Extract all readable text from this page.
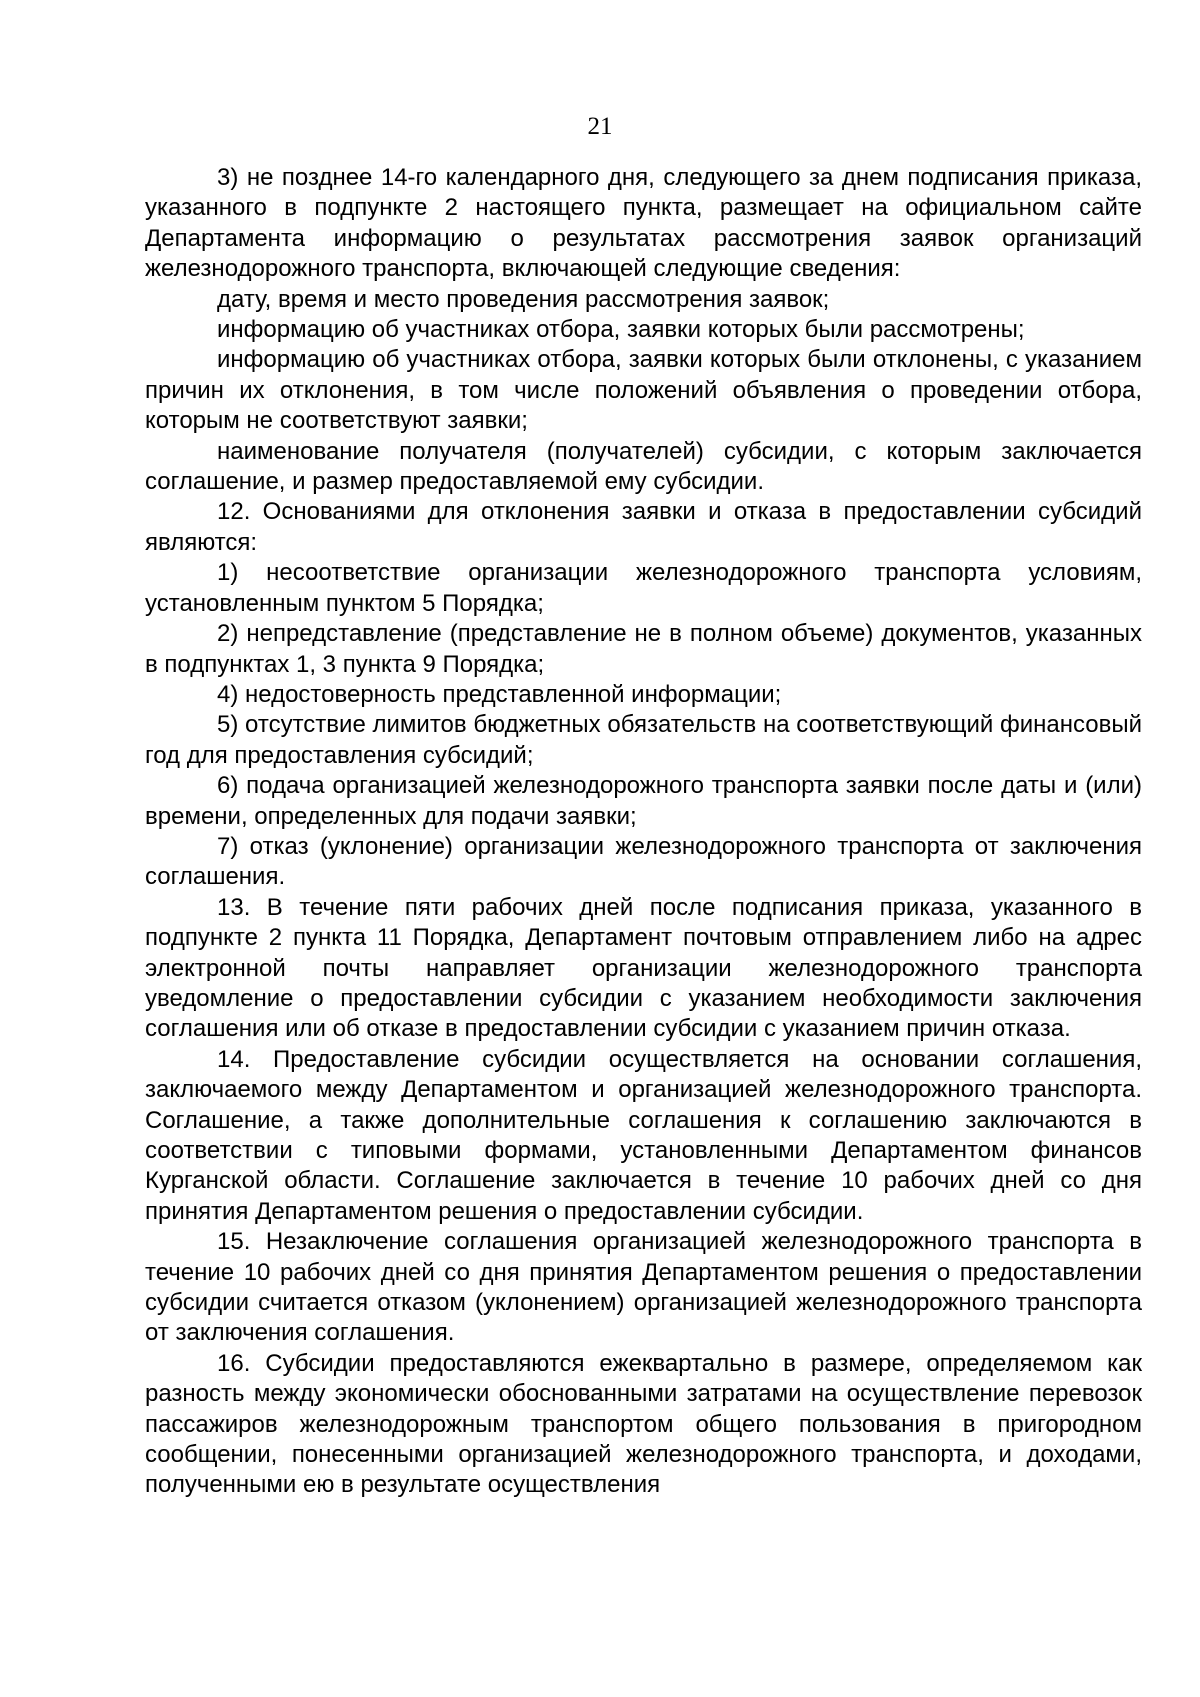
21

3) не позднее 14-го календарного дня, следующего за днем подписания приказа, указанного в подпункте 2 настоящего пункта, размещает на официальном сайте Департамента информацию о результатах рассмотрения заявок организаций железнодорожного транспорта, включающей следующие сведения:

дату, время и место проведения рассмотрения заявок;

информацию об участниках отбора, заявки которых были рассмотрены;

информацию об участниках отбора, заявки которых были отклонены, с указанием причин их отклонения, в том числе положений объявления о проведении отбора, которым не соответствуют заявки;

наименование получателя (получателей) субсидии, с которым заключается соглашение, и размер предоставляемой ему субсидии.

12. Основаниями для отклонения заявки и отказа в предоставлении субсидий являются:

1) несоответствие организации железнодорожного транспорта условиям, установленным пунктом 5 Порядка;

2) непредставление (представление не в полном объеме) документов, указанных в подпунктах 1, 3 пункта 9 Порядка;

4) недостоверность представленной информации;

5) отсутствие лимитов бюджетных обязательств на соответствующий финансовый год для предоставления субсидий;

6) подача организацией железнодорожного транспорта заявки после даты и (или) времени, определенных для подачи заявки;

7) отказ (уклонение) организации железнодорожного транспорта от заключения соглашения.

13. В течение пяти рабочих дней после подписания приказа, указанного в подпункте 2 пункта 11 Порядка, Департамент почтовым отправлением либо на адрес электронной почты направляет организации железнодорожного транспорта уведомление о предоставлении субсидии с указанием необходимости заключения соглашения или об отказе в предоставлении субсидии с указанием причин отказа.

14. Предоставление субсидии осуществляется на основании соглашения, заключаемого между Департаментом и организацией железнодорожного транспорта. Соглашение, а также дополнительные соглашения к соглашению заключаются в соответствии с типовыми формами, установленными Департаментом финансов Курганской области. Соглашение заключается в течение 10 рабочих дней со дня принятия Департаментом решения о предоставлении субсидии.

15. Незаключение соглашения организацией железнодорожного транспорта в течение 10 рабочих дней со дня принятия Департаментом решения о предоставлении субсидии считается отказом (уклонением) организацией железнодорожного транспорта от заключения соглашения.

16. Субсидии предоставляются ежеквартально в размере, определяемом как разность между экономически обоснованными затратами на осуществление перевозок пассажиров железнодорожным транспортом общего пользования в пригородном сообщении, понесенными организацией железнодорожного транспорта, и доходами, полученными ею в результате осуществления
